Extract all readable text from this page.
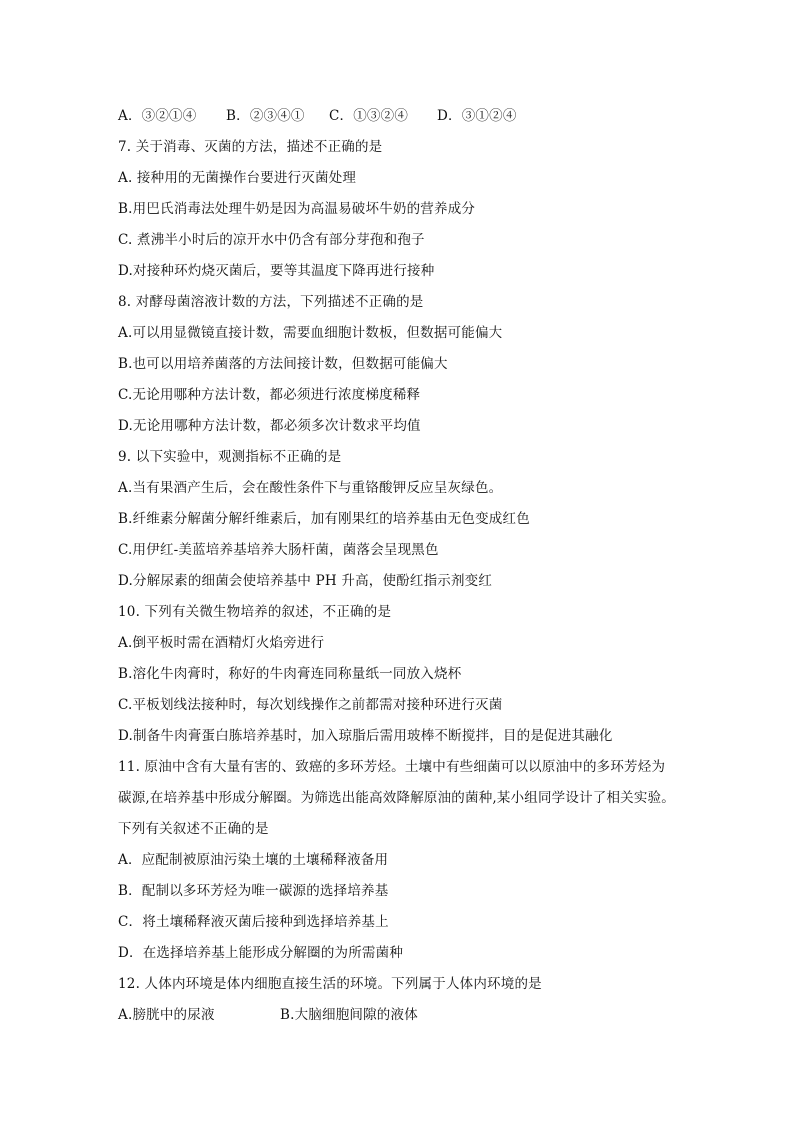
A．③②①④ B．②③④① C．①③②④ D．③①②④
7. 关于消毒、灭菌的方法，描述不正确的是
A. 接种用的无菌操作台要进行灭菌处理
B.用巴氏消毒法处理牛奶是因为高温易破坏牛奶的营养成分
C. 煮沸半小时后的凉开水中仍含有部分芽孢和孢子
D.对接种环灼烧灭菌后，要等其温度下降再进行接种
8. 对酵母菌溶液计数的方法，下列描述不正确的是
A.可以用显微镜直接计数，需要血细胞计数板，但数据可能偏大
B.也可以用培养菌落的方法间接计数，但数据可能偏大
C.无论用哪种方法计数，都必须进行浓度梯度稀释
D.无论用哪种方法计数，都必须多次计数求平均值
9. 以下实验中，观测指标不正确的是
A.当有果酒产生后，会在酸性条件下与重铬酸钾反应呈灰绿色。
B.纤维素分解菌分解纤维素后，加有刚果红的培养基由无色变成红色
C.用伊红-美蓝培养基培养大肠杆菌，菌落会呈现黑色
D.分解尿素的细菌会使培养基中 PH 升高，使酚红指示剂变红
10. 下列有关微生物培养的叙述，不正确的是
A.倒平板时需在酒精灯火焰旁进行
B.溶化牛肉膏时，称好的牛肉膏连同称量纸一同放入烧杯
C.平板划线法接种时，每次划线操作之前都需对接种环进行灭菌
D.制备牛肉膏蛋白胨培养基时，加入琼脂后需用玻棒不断搅拌，目的是促进其融化
11. 原油中含有大量有害的、致癌的多环芳烃。土壤中有些细菌可以以原油中的多环芳烃为
碳源,在培养基中形成分解圈。为筛选出能高效降解原油的菌种,某小组同学设计了相关实验。
下列有关叙述不正确的是
A．应配制被原油污染土壤的土壤稀释液备用
B．配制以多环芳烃为唯一碳源的选择培养基
C．将土壤稀释液灭菌后接种到选择培养基上
D．在选择培养基上能形成分解圈的为所需菌种
12. 人体内环境是体内细胞直接生活的环境。下列属于人体内环境的是
A.膀胱中的尿液	B.大脑细胞间隙的液体
